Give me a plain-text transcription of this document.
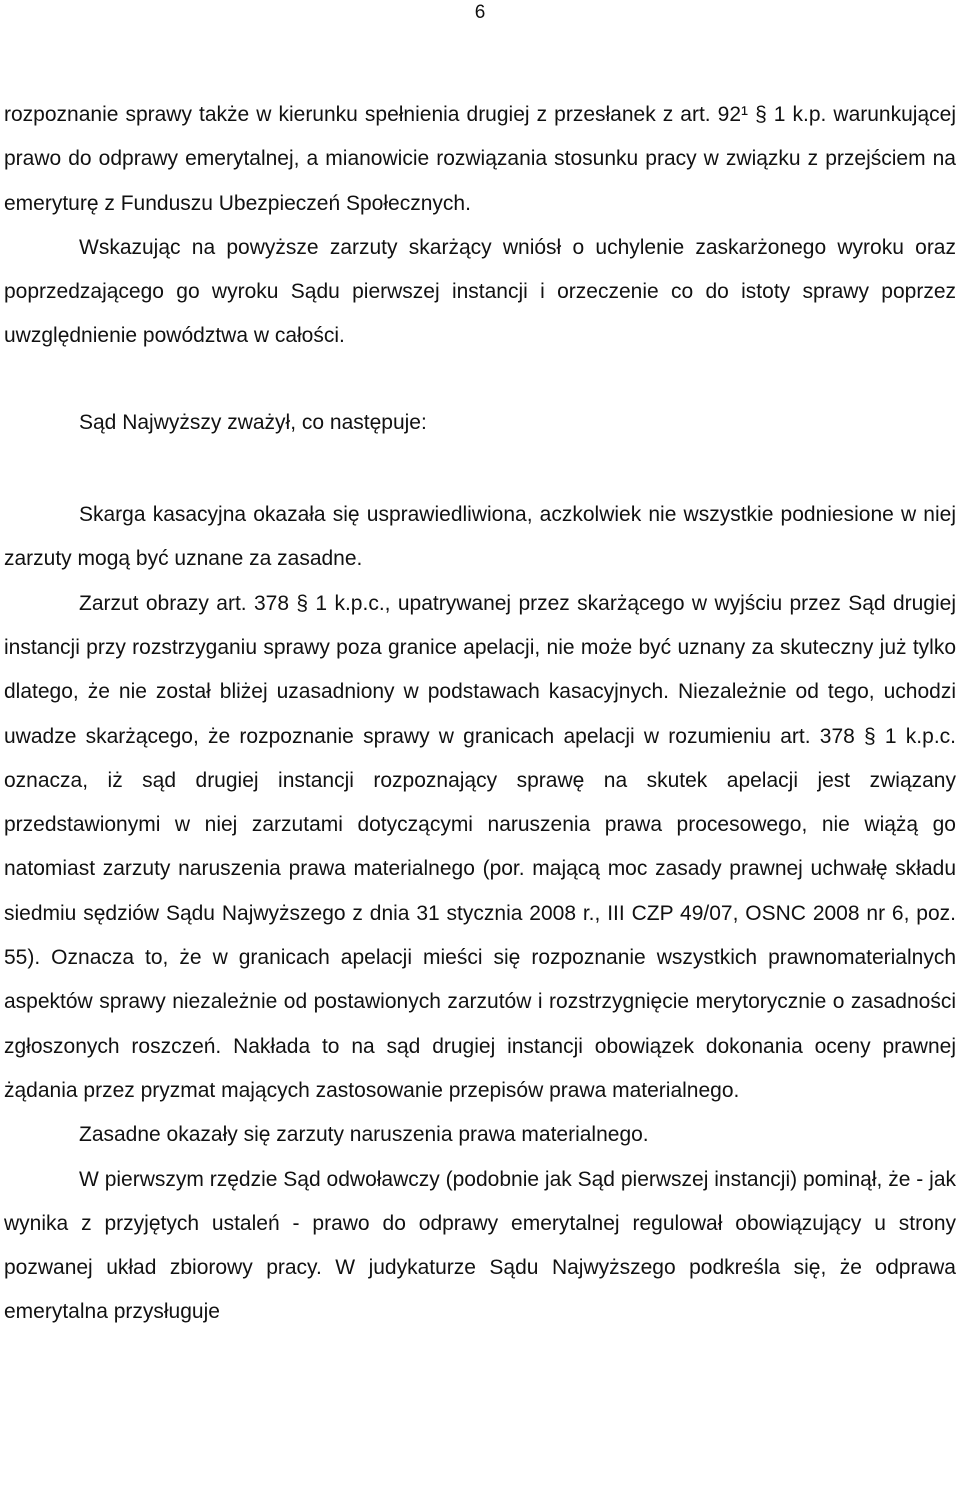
6

rozpoznanie sprawy także w kierunku spełnienia drugiej z przesłanek z art. 92¹ § 1 k.p. warunkującej prawo do odprawy emerytalnej, a mianowicie rozwiązania stosunku pracy w związku z przejściem na emeryturę z Funduszu Ubezpieczeń Społecznych.

Wskazując na powyższe zarzuty skarżący wniósł o uchylenie zaskarżonego wyroku oraz poprzedzającego go wyroku Sądu pierwszej instancji i orzeczenie co do istoty sprawy poprzez uwzględnienie powództwa w całości.

Sąd Najwyższy zważył, co następuje:

Skarga kasacyjna okazała się usprawiedliwiona, aczkolwiek nie wszystkie podniesione w niej zarzuty mogą być uznane za zasadne.

Zarzut obrazy art. 378 § 1 k.p.c., upatrywanej przez skarżącego w wyjściu przez Sąd drugiej instancji przy rozstrzyganiu sprawy poza granice apelacji, nie może być uznany za skuteczny już tylko dlatego, że nie został bliżej uzasadniony w podstawach kasacyjnych. Niezależnie od tego, uchodzi uwadze skarżącego, że rozpoznanie sprawy w granicach apelacji w rozumieniu art. 378 § 1 k.p.c. oznacza, iż sąd drugiej instancji rozpoznający sprawę na skutek apelacji jest związany przedstawionymi w niej zarzutami dotyczącymi naruszenia prawa procesowego, nie wiążą go natomiast zarzuty naruszenia prawa materialnego (por. mającą moc zasady prawnej uchwałę składu siedmiu sędziów Sądu Najwyższego z dnia 31 stycznia 2008 r., III CZP 49/07, OSNC 2008 nr 6, poz. 55). Oznacza to, że w granicach apelacji mieści się rozpoznanie wszystkich prawnomaterialnych aspektów sprawy niezależnie od postawionych zarzutów i rozstrzygnięcie merytorycznie o zasadności zgłoszonych roszczeń. Nakłada to na sąd drugiej instancji obowiązek dokonania oceny prawnej żądania przez pryzmat mających zastosowanie przepisów prawa materialnego.

Zasadne okazały się zarzuty naruszenia prawa materialnego.

W pierwszym rzędzie Sąd odwoławczy (podobnie jak Sąd pierwszej instancji) pominął, że - jak wynika z przyjętych ustaleń - prawo do odprawy emerytalnej regulował obowiązujący u strony pozwanej układ zbiorowy pracy. W judykaturze Sądu Najwyższego podkreśla się, że odprawa emerytalna przysługuje
